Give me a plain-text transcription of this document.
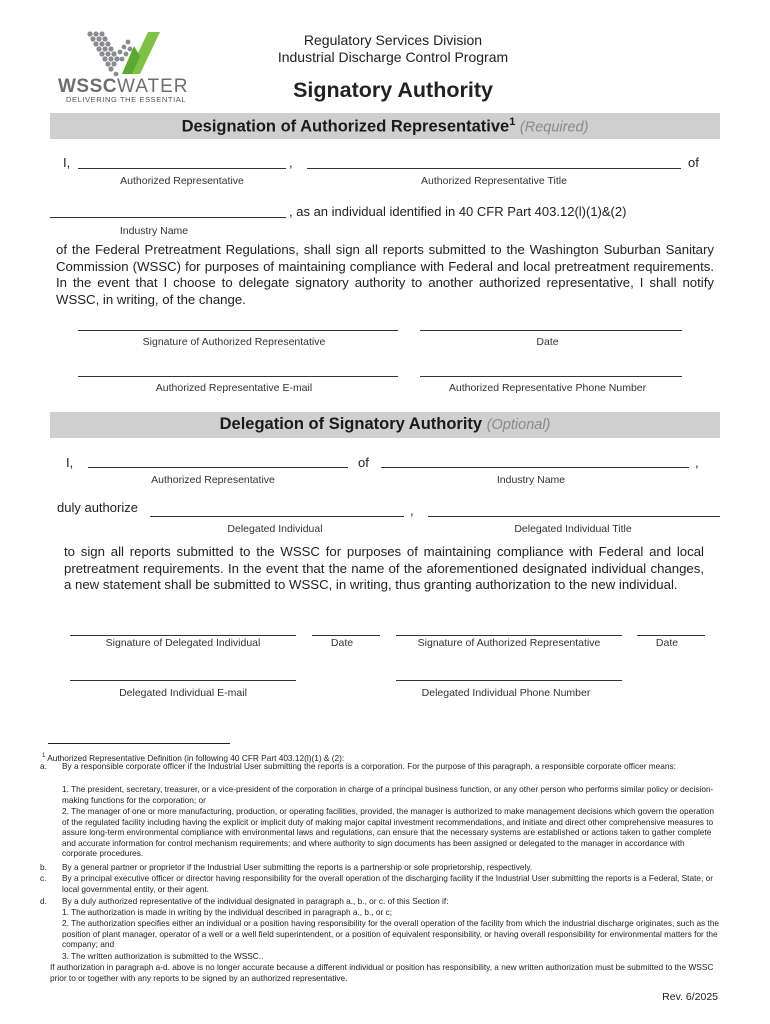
WSSCWATER
DELIVERING THE ESSENTIAL
Regulatory Services Division
Industrial Discharge Control Program
Signatory Authority
Designation of Authorized Representative$^1$ (Required)
I,	,	of
Authorized Representative	Authorized Representative Title
, as an individual identified in 40 CFR Part 403.12(l)(1)&(2)
Industry Name
of the Federal Pretreatment Regulations, shall sign all reports submitted to the Washington Suburban Sanitary Commission (WSSC) for purposes of maintaining compliance with Federal and local pretreatment requirements. In the event that I choose to delegate signatory authority to another authorized representative, I shall notify WSSC, in writing, of the change.
Signature of Authorized Representative	Date
Authorized Representative E-mail	Authorized Representative Phone Number
Delegation of Signatory Authority (Optional)
I,	of	,
Authorized Representative	Industry Name
duly authorize	,
Delegated Individual	Delegated Individual Title
to sign all reports submitted to the WSSC for purposes of maintaining compliance with Federal and local pretreatment requirements. In the event that the name of the aforementioned designated individual changes, a new statement shall be submitted to WSSC, in writing, thus granting authorization to the new individual.
Signature of Delegated Individual	Date	Signature of Authorized Representative	Date
Delegated Individual E-mail	Delegated Individual Phone Number
$^1$ Authorized Representative Definition (in following 40 CFR Part 403.12(l)(1) & (2):
a. By a responsible corporate officer if the Industrial User submitting the reports is a corporation. For the purpose of this paragraph, a responsible corporate officer means:
1. The president, secretary, treasurer, or a vice-president of the corporation in charge of a principal business function, or any other person who performs similar policy or decision-making functions for the corporation; or
2. The manager of one or more manufacturing, production, or operating facilities, provided, the manager is authorized to make management decisions which govern the operation of the regulated facility including having the explicit or implicit duty of making major capital investment recommendations, and initiate and direct other comprehensive measures to assure long-term environmental compliance with environmental laws and regulations, can ensure that the necessary systems are established or actions taken to gather complete and accurate information for control mechanism requirements; and where authority to sign documents has been assigned or delegated to the manager in accordance with corporate procedures.
b. By a general partner or proprietor if the Industrial User submitting the reports is a partnership or sole proprietorship, respectively.
c. By a principal executive officer or director having responsibility for the overall operation of the discharging facility if the Industrial User submitting the reports is a Federal, State, or local governmental entity, or their agent.
d. By a duly authorized representative of the individual designated in paragraph a., b., or c. of this Section if:
1. The authorization is made in writing by the individual described in paragraph a., b., or c;
2. The authorization specifies either an individual or a position having responsibility for the overall operation of the facility from which the industrial discharge originates, such as the position of plant manager, operator of a well or a well field superintendent, or a position of equivalent responsibility, or having overall responsibility for environmental matters for the company; and
3. The written authorization is submitted to the WSSC..
If authorization in paragraph a-d. above is no longer accurate because a different individual or position has responsibility, a new written authorization must be submitted to the WSSC prior to or together with any reports to be signed by an authorized representative.
Rev. 6/2025
